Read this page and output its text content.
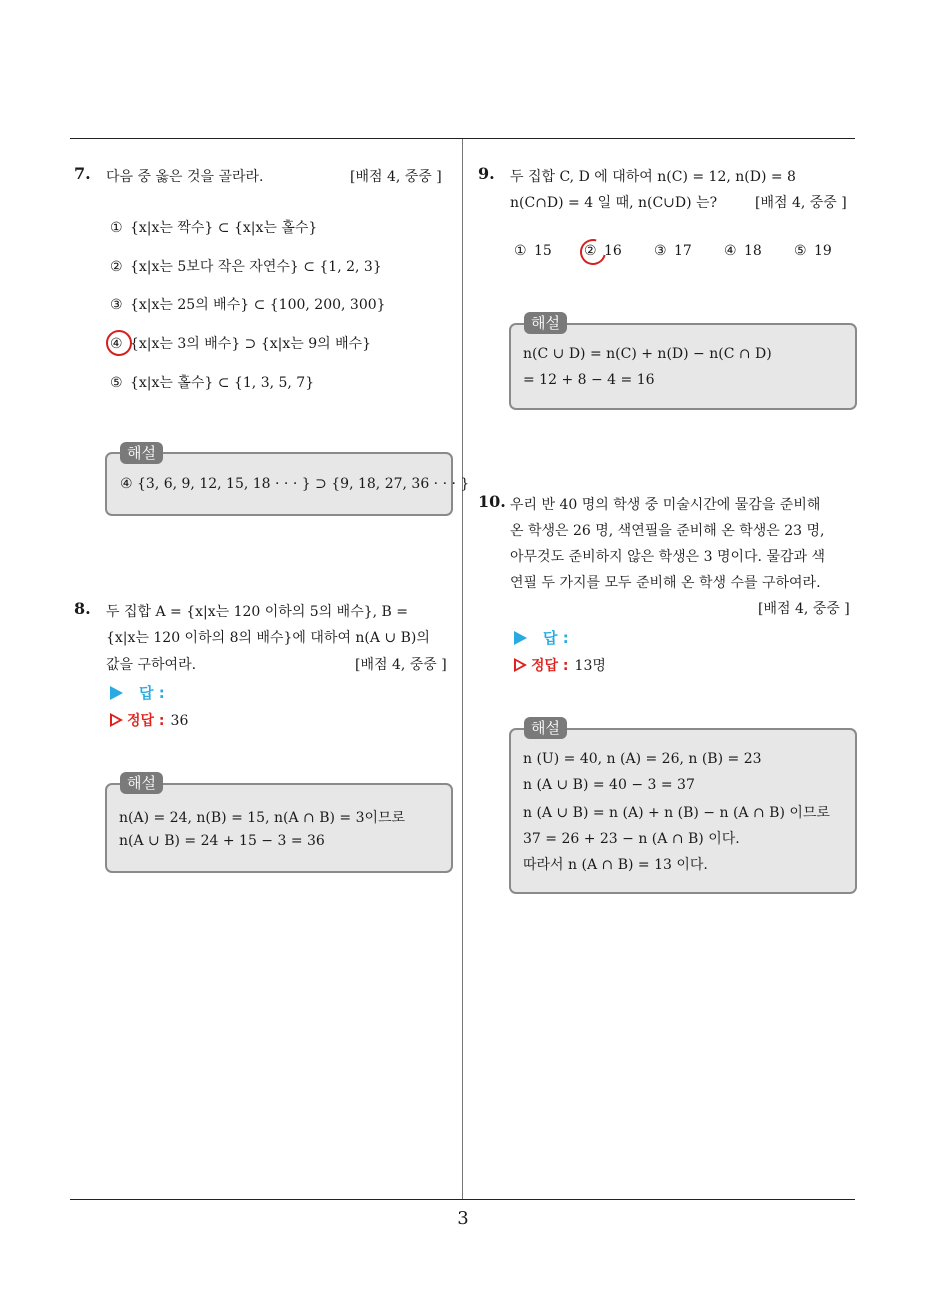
7. 다음 중 옳은 것을 골라라.	[배점 4, 중중 ]
① {x|x는 짝수} ⊂ {x|x는 홀수}
② {x|x는 5보다 작은 자연수} ⊂ {1, 2, 3}
③ {x|x는 25의 배수} ⊂ {100, 200, 300}
④ {x|x는 3의 배수} ⊃ {x|x는 9의 배수}
⑤ {x|x는 홀수} ⊂ {1, 3, 5, 7}
④ {3, 6, 9, 12, 15, 18 · · · } ⊃ {9, 18, 27, 36 · · · }
해설
8. 두 집합 A = {x|x는 120 이하의 5의 배수}, B =
{x|x는 120 이하의 8의 배수}에 대하여 n(A ∪ B)의
값을 구하여라.	[배점 4, 중중 ]
답 :
정답 : 36
n(A) = 24, n(B) = 15, n(A ∩ B) = 3이므로
n(A ∪ B) = 24 + 15 − 3 = 36
해설
9. 두 집합 C, D 에 대하여 n(C) = 12, n(D) = 8
n(C∩D) = 4 일 때, n(C∪D) 는?	[배점 4, 중중 ]
① 15 ② 16 ③ 17 ④ 18 ⑤ 19
n(C ∪ D) = n(C) + n(D) − n(C ∩ D)
= 12 + 8 − 4 = 16
해설
10. 우리 반 40 명의 학생 중 미술시간에 물감을 준비해
온 학생은 26 명, 색연필을 준비해 온 학생은 23 명,
아무것도 준비하지 않은 학생은 3 명이다. 물감과 색
연필 두 가지를 모두 준비해 온 학생 수를 구하여라.
[배점 4, 중중 ]
답 :
정답 : 13명
n (U) = 40, n (A) = 26, n (B) = 23
n (A ∪ B) = 40 − 3 = 37
n (A ∪ B) = n (A) + n (B) − n (A ∩ B) 이므로
37 = 26 + 23 − n (A ∩ B) 이다.
따라서 n (A ∩ B) = 13 이다.
해설
3
